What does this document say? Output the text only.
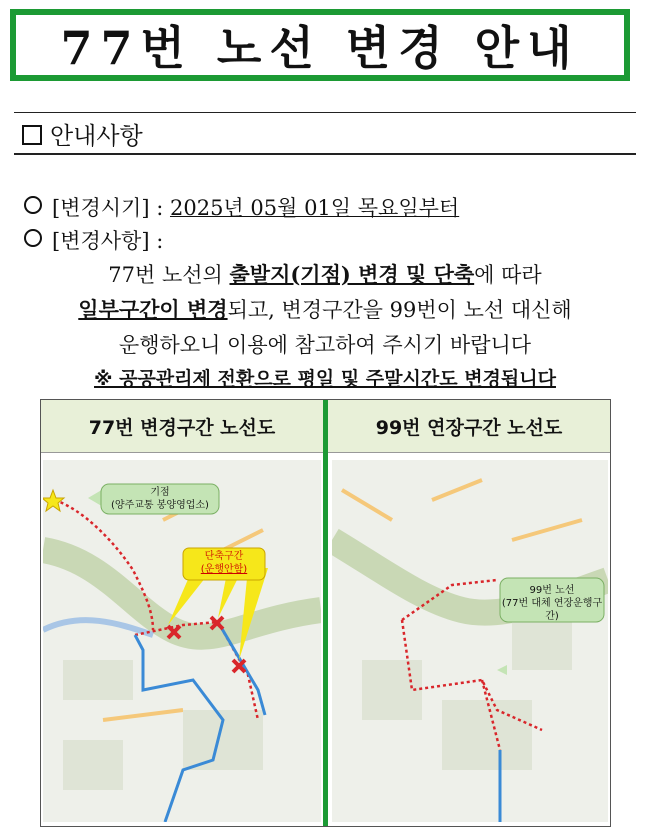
77번 노선 변경 안내
안내사항
[변경시기] : 2025년 05월 01일 목요일부터
[변경사항] :
77번 노선의 출발지(기점) 변경 및 단축에 따라
일부구간이 변경되고, 변경구간을 99번이 노선 대신해
운행하오니 이용에 참고하여 주시기 바랍니다
※ 공공관리제 전환으로 평일 및 주말시간도 변경됩니다
77번 변경구간 노선도	99번 연장구간 노선도
기점
(양주교통 봉양영업소)
단축구간
(운행안함)
99번 노선
(77번 대체 연장운행구간)
